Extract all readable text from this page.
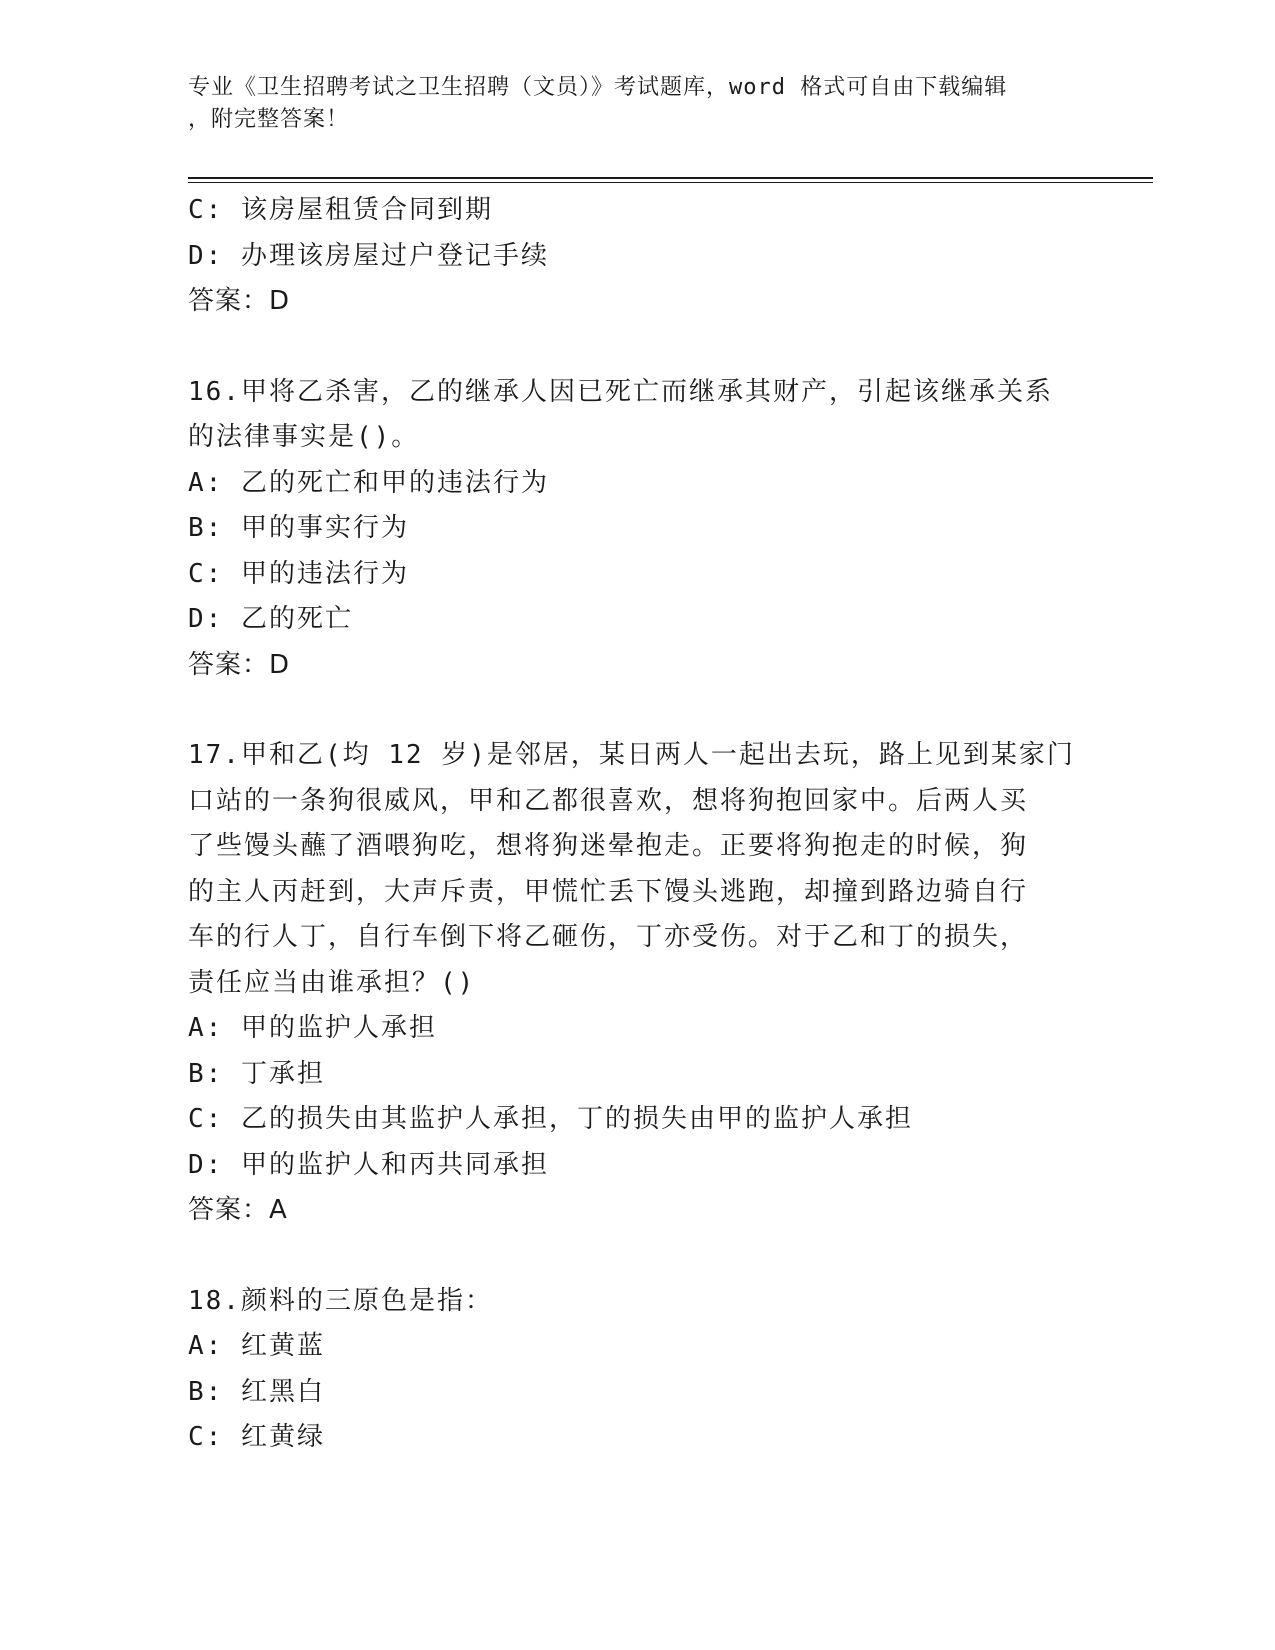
专业《卫生招聘考试之卫生招聘（文员）》考试题库，word 格式可自由下载编辑
，附完整答案！

C: 该房屋租赁合同到期

D: 办理该房屋过户登记手续

答案：D

16.甲将乙杀害，乙的继承人因已死亡而继承其财产，引起该继承关系

的法律事实是()。

A: 乙的死亡和甲的违法行为

B: 甲的事实行为

C: 甲的违法行为

D: 乙的死亡

答案：D

17.甲和乙(均 12 岁)是邻居，某日两人一起出去玩，路上见到某家门

口站的一条狗很威风，甲和乙都很喜欢，想将狗抱回家中。后两人买

了些馒头蘸了酒喂狗吃，想将狗迷晕抱走。正要将狗抱走的时候，狗

的主人丙赶到，大声斥责，甲慌忙丢下馒头逃跑，却撞到路边骑自行

车的行人丁，自行车倒下将乙砸伤，丁亦受伤。对于乙和丁的损失，

责任应当由谁承担？()

A: 甲的监护人承担

B: 丁承担

C: 乙的损失由其监护人承担，丁的损失由甲的监护人承担

D: 甲的监护人和丙共同承担

答案：A

18.颜料的三原色是指：

A: 红黄蓝

B: 红黑白

C: 红黄绿
